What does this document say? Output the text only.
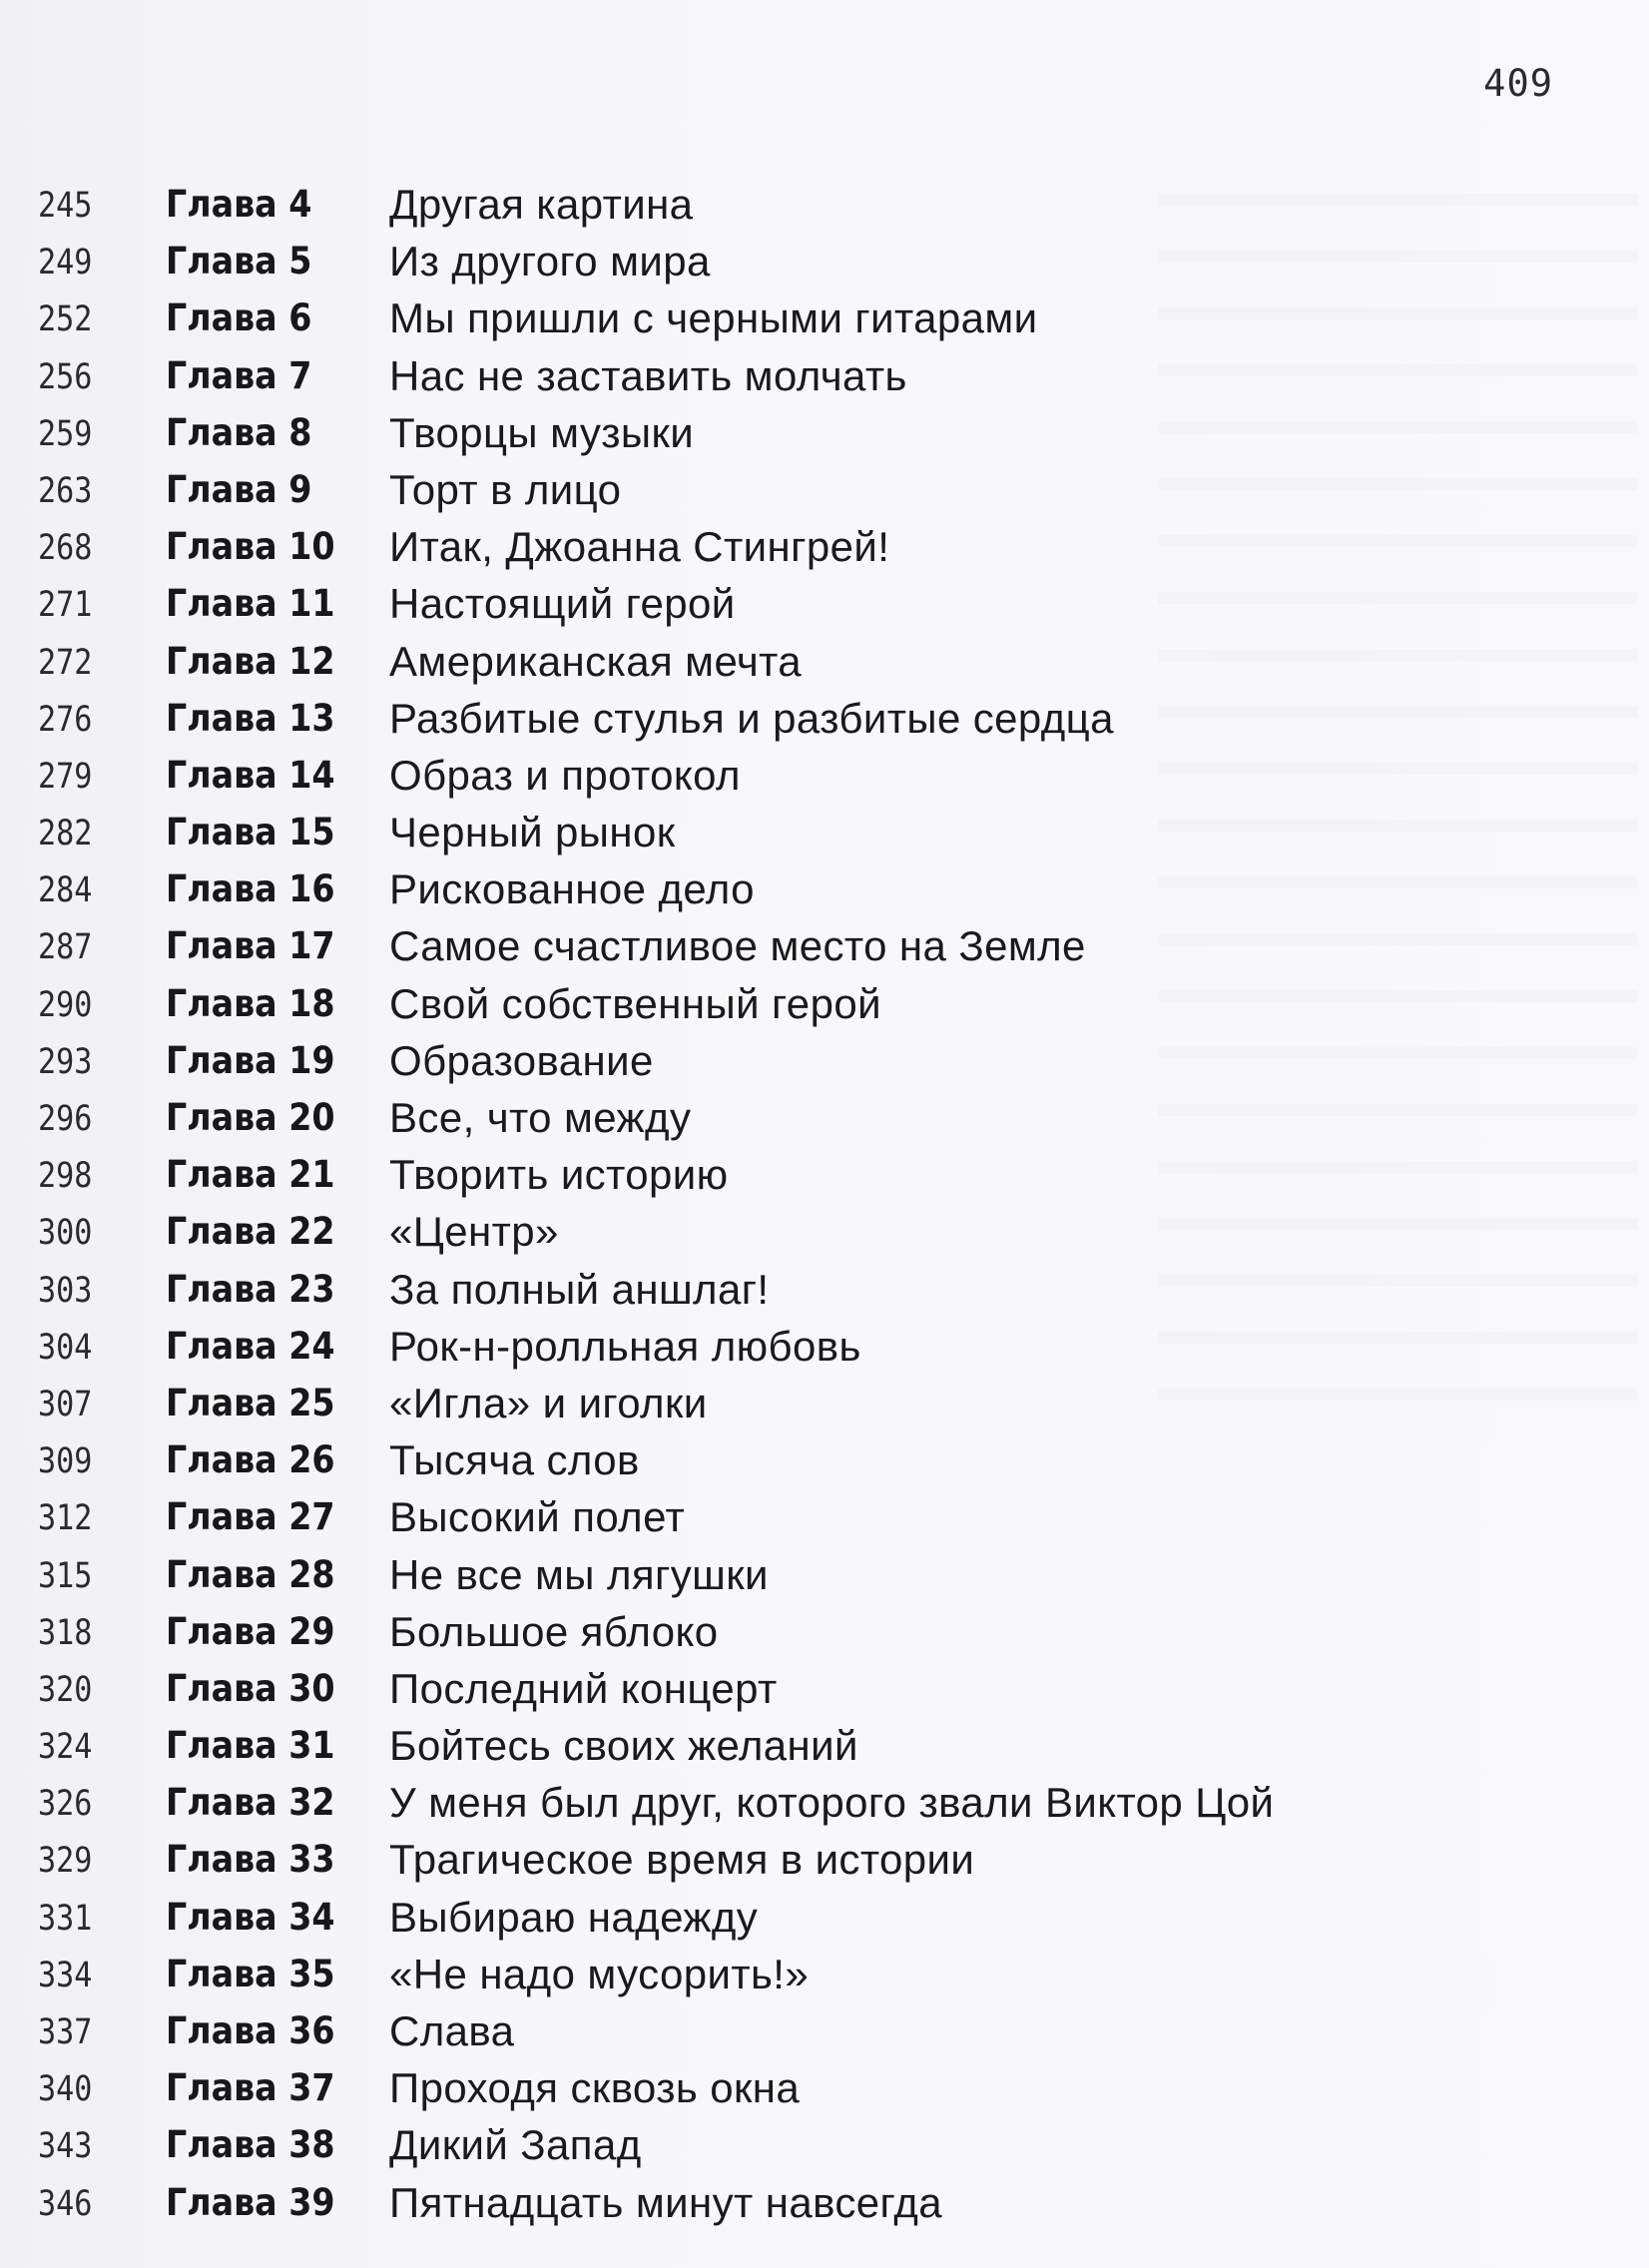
409
245 Глава 4 Другая картина
249 Глава 5 Из другого мира
252 Глава 6 Мы пришли с черными гитарами
256 Глава 7 Нас не заставить молчать
259 Глава 8 Творцы музыки
263 Глава 9 Торт в лицо
268 Глава 10 Итак, Джоанна Стингрей!
271 Глава 11 Настоящий герой
272 Глава 12 Американская мечта
276 Глава 13 Разбитые стулья и разбитые сердца
279 Глава 14 Образ и протокол
282 Глава 15 Черный рынок
284 Глава 16 Рискованное дело
287 Глава 17 Самое счастливое место на Земле
290 Глава 18 Свой собственный герой
293 Глава 19 Образование
296 Глава 20 Все, что между
298 Глава 21 Творить историю
300 Глава 22 «Центр»
303 Глава 23 За полный аншлаг!
304 Глава 24 Рок-н-ролльная любовь
307 Глава 25 «Игла» и иголки
309 Глава 26 Тысяча слов
312 Глава 27 Высокий полет
315 Глава 28 Не все мы лягушки
318 Глава 29 Большое яблоко
320 Глава 30 Последний концерт
324 Глава 31 Бойтесь своих желаний
326 Глава 32 У меня был друг, которого звали Виктор Цой
329 Глава 33 Трагическое время в истории
331 Глава 34 Выбираю надежду
334 Глава 35 «Не надо мусорить!»
337 Глава 36 Слава
340 Глава 37 Проходя сквозь окна
343 Глава 38 Дикий Запад
346 Глава 39 Пятнадцать минут навсегда
